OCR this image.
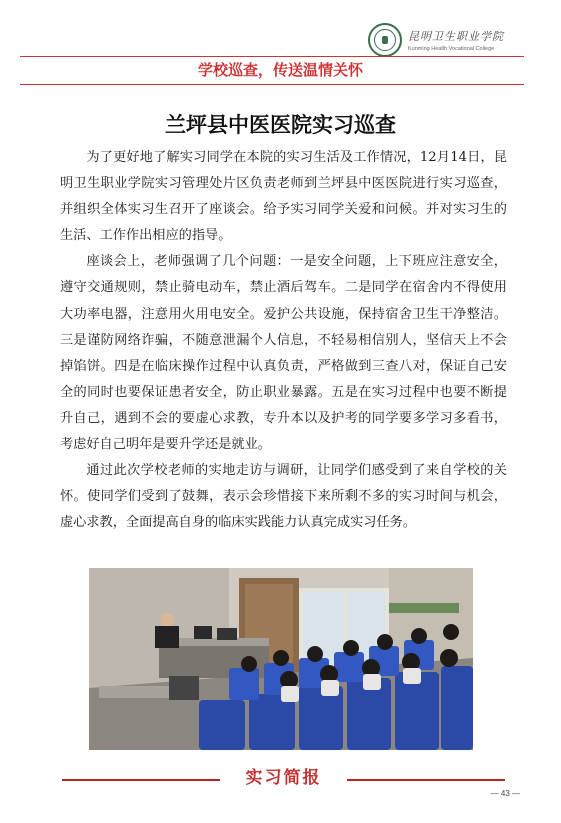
昆明卫生职业学院
Kunming Health Vocational College
学校巡查，传送温情关怀
兰坪县中医医院实习巡查

为了更好地了解实习同学在本院的实习生活及工作情况，12月14日，昆明卫生职业学院实习管理处片区负责老师到兰坪县中医医院进行实习巡查，并组织全体实习生召开了座谈会。给予实习同学关爱和问候。并对实习生的生活、工作作出相应的指导。

座谈会上，老师强调了几个问题：一是安全问题，上下班应注意安全，遵守交通规则，禁止骑电动车，禁止酒后驾车。二是同学在宿舍内不得使用大功率电器，注意用火用电安全。爱护公共设施，保持宿舍卫生干净整洁。三是谨防网络诈骗，不随意泄漏个人信息，不轻易相信别人，坚信天上不会掉馅饼。四是在临床操作过程中认真负责，严格做到三查八对，保证自己安全的同时也要保证患者安全，防止职业暴露。五是在实习过程中也要不断提升自己，遇到不会的要虚心求教，专升本以及护考的同学要多学习多看书，考虑好自己明年是要升学还是就业。

通过此次学校老师的实地走访与调研，让同学们感受到了来自学校的关怀。使同学们受到了鼓舞，表示会珍惜接下来所剩不多的实习时间与机会，虚心求教，全面提高自身的临床实践能力认真完成实习任务。

实习简报
— 43 —
